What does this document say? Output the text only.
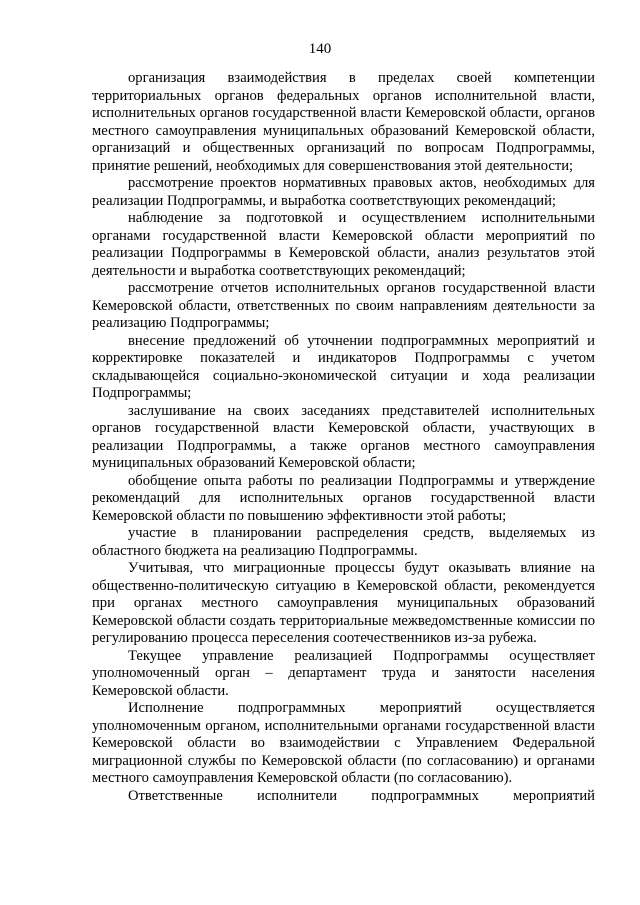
140

организация взаимодействия в пределах своей компетенции территориальных органов федеральных органов исполнительной власти, исполнительных органов государственной власти Кемеровской области, органов местного самоуправления муниципальных образований Кемеровской области, организаций и общественных организаций по вопросам Подпрограммы, принятие решений, необходимых для совершенствования этой деятельности;

рассмотрение проектов нормативных правовых актов, необходимых для реализации Подпрограммы, и выработка соответствующих рекомендаций;

наблюдение за подготовкой и осуществлением исполнительными органами государственной власти Кемеровской области мероприятий по реализации Подпрограммы в Кемеровской области, анализ результатов этой деятельности и выработка соответствующих рекомендаций;

рассмотрение отчетов исполнительных органов государственной власти Кемеровской области, ответственных по своим направлениям деятельности за реализацию Подпрограммы;

внесение предложений об уточнении подпрограммных мероприятий и корректировке показателей и индикаторов Подпрограммы с учетом складывающейся социально-экономической ситуации и хода реализации Подпрограммы;

заслушивание на своих заседаниях представителей исполнительных органов государственной власти Кемеровской области, участвующих в реализации Подпрограммы, а также органов местного самоуправления муниципальных образований Кемеровской области;

обобщение опыта работы по реализации Подпрограммы и утверждение рекомендаций для исполнительных органов государственной власти Кемеровской области по повышению эффективности этой работы;

участие в планировании распределения средств, выделяемых из областного бюджета на реализацию Подпрограммы.

Учитывая, что миграционные процессы будут оказывать влияние на общественно-политическую ситуацию в Кемеровской области, рекомендуется при органах местного самоуправления муниципальных образований Кемеровской области создать территориальные межведомственные комиссии по регулированию процесса переселения соотечественников из-за рубежа.

Текущее управление реализацией Подпрограммы осуществляет уполномоченный орган – департамент труда и занятости населения Кемеровской области.

Исполнение подпрограммных мероприятий осуществляется уполномоченным органом, исполнительными органами государственной власти Кемеровской области во взаимодействии с Управлением Федеральной миграционной службы по Кемеровской области (по согласованию) и органами местного самоуправления Кемеровской области (по согласованию).

Ответственные исполнители подпрограммных мероприятий
